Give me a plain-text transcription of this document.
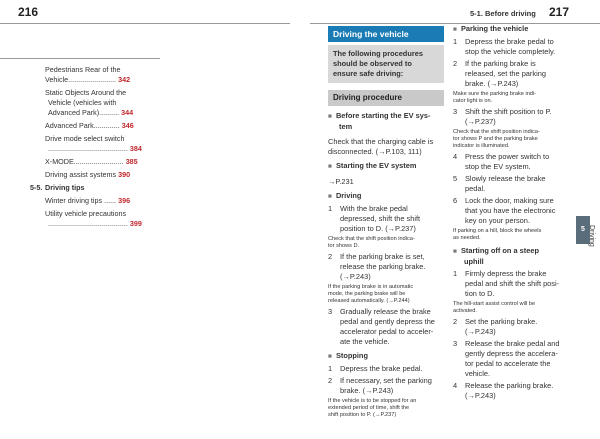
216	217
5-1. Before driving
Pedestrians Rear of the
Vehicle........................ 342
Static Objects Around the
Vehicle (vehicles with
Advanced Park).......... 344
Advanced Park............. 346
Drive mode select switch
........................................ 384
X-MODE......................... 385
Driving assist systems 390
5-5. Driving tips
Winter driving tips ...... 396
Utility vehicle precautions
........................................ 399
Driving the vehicle
The following procedures
should be observed to
ensure safe driving:
Driving procedure
■ Before starting the EV sys-
tem
Check that the charging cable is
disconnected. (→P.103, 111)
■ Starting the EV system
→P.231
■ Driving
1	With the brake pedal
depressed, shift the shift
position to D. (→P.237)
Check that the shift position indica-
tor shows D.
2	If the parking brake is set,
release the parking brake.
(→P.243)
If the parking brake is in automatic
mode, the parking brake will be
released automatically. (→P.244)
3	Gradually release the brake
pedal and gently depress the
accelerator pedal to acceler-
ate the vehicle.
■ Stopping
1	Depress the brake pedal.
2	If necessary, set the parking
brake. (→P.243)
If the vehicle is to be stopped for an
extended period of time, shift the
shift position to P. (→P.237)
■ Parking the vehicle
1	Depress the brake pedal to
stop the vehicle completely.
2	If the parking brake is
released, set the parking
brake. (→P.243)
Make sure the parking brake indi-
cator light is on.
3	Shift the shift position to P.
(→P.237)
Check that the shift position indica-
tor shows P and the parking brake
indicator is illuminated.
4	Press the power switch to
stop the EV system.
5	Slowly release the brake
pedal.
6	Lock the door, making sure
that you have the electronic
key on your person.
If parking on a hill, block the wheels
as needed.
■ Starting off on a steep
uphill
1	Firmly depress the brake
pedal and shift the shift posi-
tion to D.
The hill-start assist control will be
activated.
2	Set the parking brake.
(→P.243)
3	Release the brake pedal and
gently depress the accelera-
tor pedal to accelerate the
vehicle.
4	Release the parking brake.
(→P.243)
5 Driving
